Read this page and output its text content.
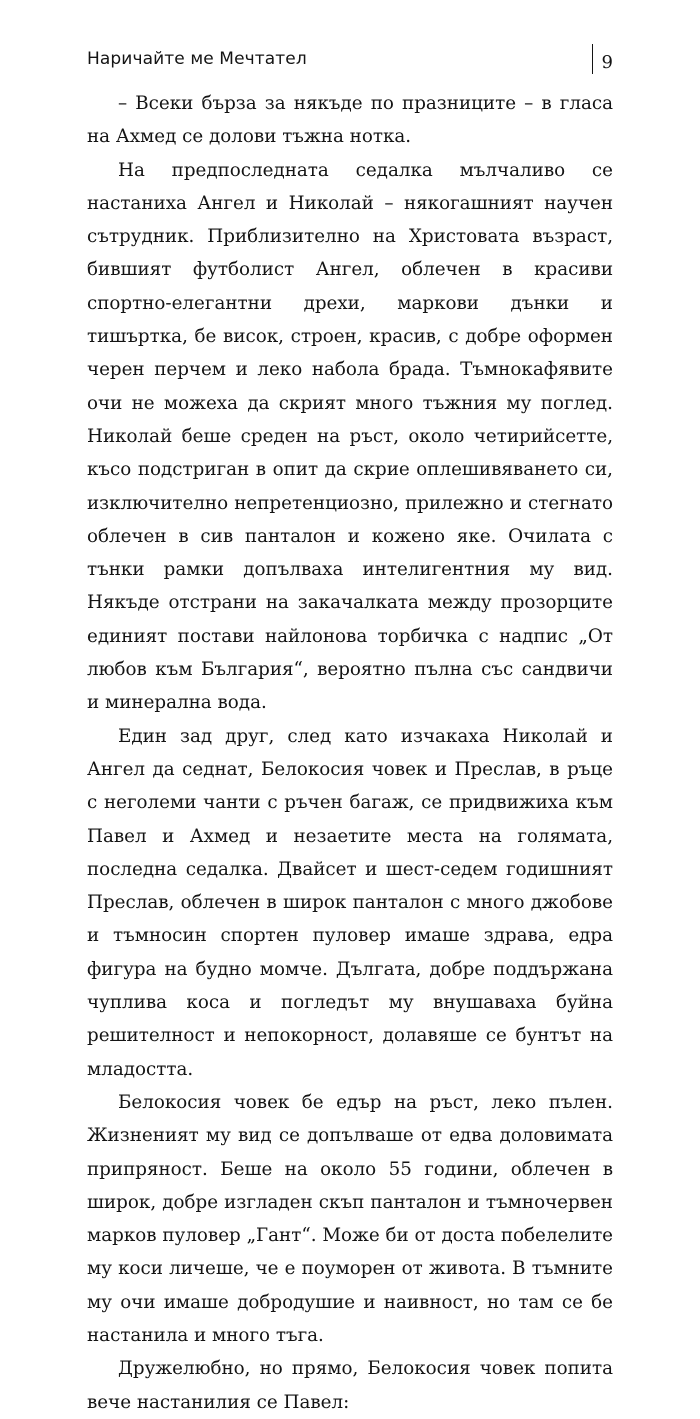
Наричайте ме Мечтател	9

– Всеки бърза за някъде по празниците – в гласа на Ахмед се долови тъжна нотка.

На предпоследната седалка мълчаливо се настаниха Ангел и Николай – някогашният научен сътрудник. Приблизително на Христовата възраст, бившият футболист Ангел, облечен в красиви спортно-елегантни дрехи, маркови дънки и тишъртка, бе висок, строен, красив, с добре оформен черен перчем и леко набола брада. Тъмнокафявите очи не можеха да скрият много тъжния му поглед. Николай беше среден на ръст, около четирийсетте, късо подстриган в опит да скрие оплешивяването си, изключително непретенциозно, прилежно и стегнато облечен в сив панталон и кожено яке. Очилата с тънки рамки допълваха интелигентния му вид. Някъде отстрани на закачалката между прозорците единият постави найлонова торбичка с надпис „От любов към България“, вероятно пълна със сандвичи и минерална вода.

Един зад друг, след като изчакаха Николай и Ангел да седнат, Белокосия човек и Преслав, в ръце с неголеми чанти с ръчен багаж, се придвижиха към Павел и Ахмед и незаетите места на голямата, последна седалка. Двайсет и шест-седем годишният Преслав, облечен в широк панталон с много джобове и тъмносин спортен пуловер имаше здрава, едра фигура на будно момче. Дългата, добре поддържана чуплива коса и погледът му внушаваха буйна решителност и непокорност, долавяше се бунтът на младостта.

Белокосия човек бе едър на ръст, леко пълен. Жизненият му вид се допълваше от едва доловимата припряност. Беше на около 55 години, облечен в широк, добре изгладен скъп панталон и тъмночервен марков пуловер „Гант“. Може би от доста побелелите му коси личеше, че е поуморен от живота. В тъмните му очи имаше добродушие и наивност, но там се бе настанила и много тъга.

Дружелюбно, но прямо, Белокосия човек попита вече настанилия се Павел:
